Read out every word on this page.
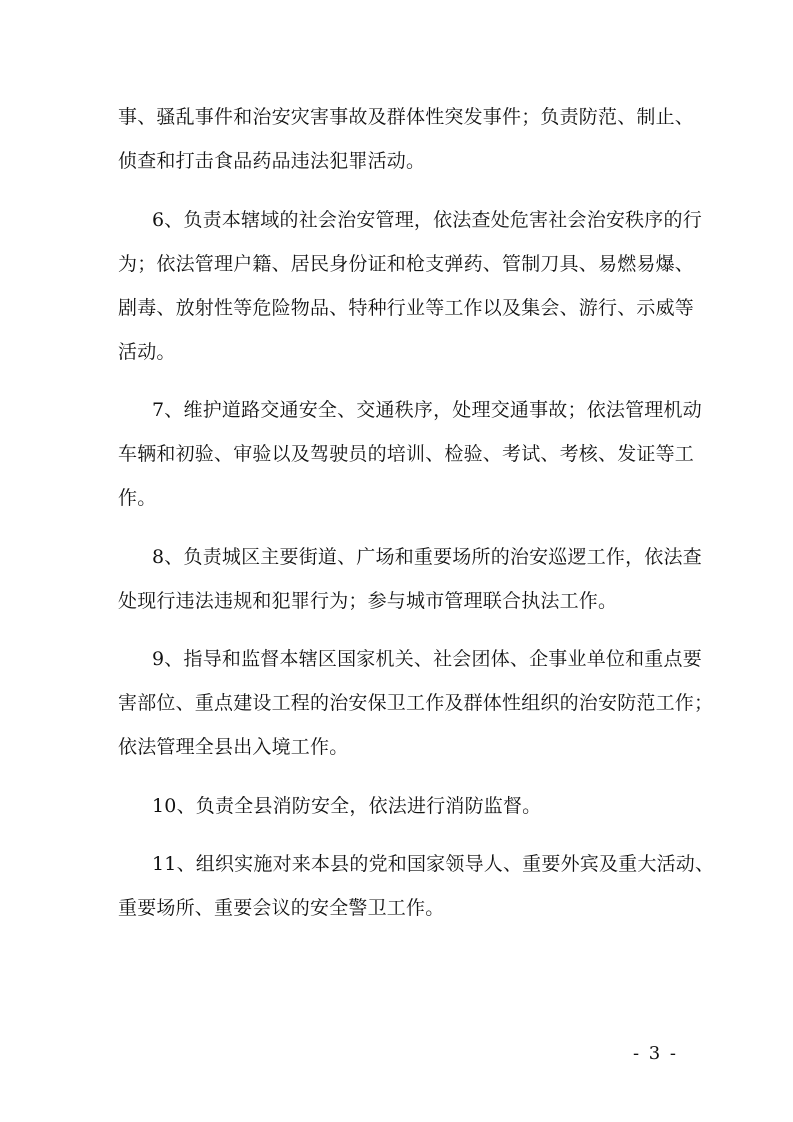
事、骚乱事件和治安灾害事故及群体性突发事件；负责防范、制止、
侦查和打击食品药品违法犯罪活动。
6、负责本辖域的社会治安管理，依法查处危害社会治安秩序的行
为；依法管理户籍、居民身份证和枪支弹药、管制刀具、易燃易爆、
剧毒、放射性等危险物品、特种行业等工作以及集会、游行、示威等
活动。
7、维护道路交通安全、交通秩序，处理交通事故；依法管理机动
车辆和初验、审验以及驾驶员的培训、检验、考试、考核、发证等工
作。
8、负责城区主要街道、广场和重要场所的治安巡逻工作，依法查
处现行违法违规和犯罪行为；参与城市管理联合执法工作。
9、指导和监督本辖区国家机关、社会团体、企事业单位和重点要
害部位、重点建设工程的治安保卫工作及群体性组织的治安防范工作；
依法管理全县出入境工作。
10、负责全县消防安全，依法进行消防监督。
11、组织实施对来本县的党和国家领导人、重要外宾及重大活动、
重要场所、重要会议的安全警卫工作。
- 3 -
